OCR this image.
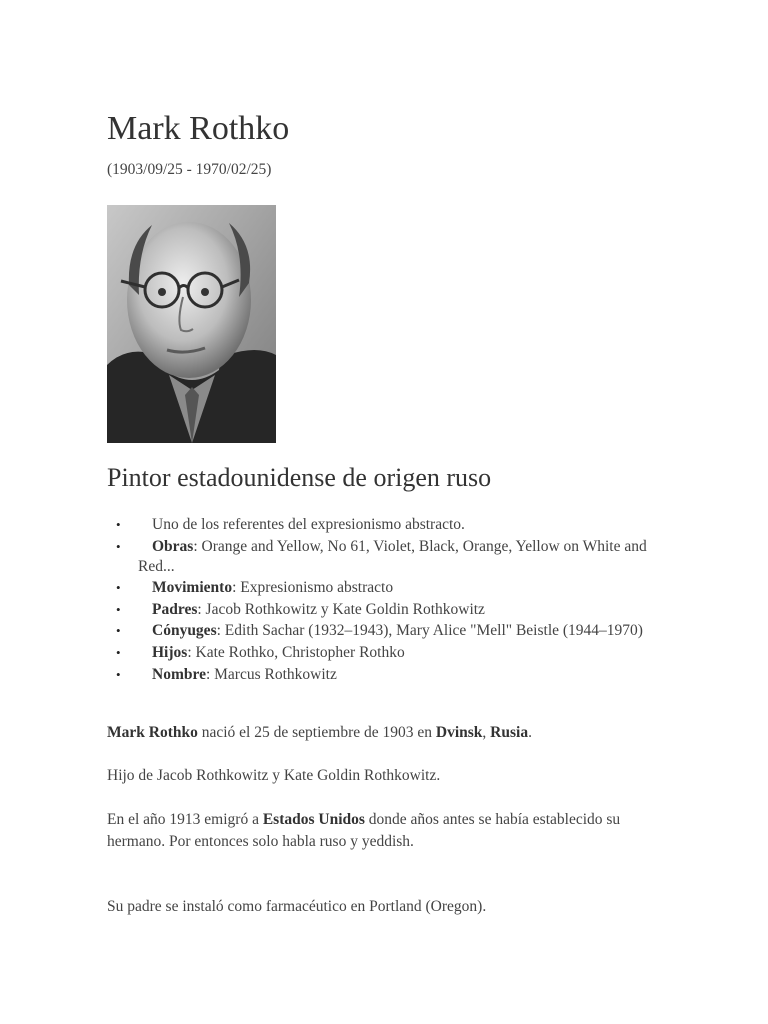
Mark Rothko
(1903/09/25 - 1970/02/25)
Pintor estadounidense de origen ruso
• Uno de los referentes del expresionismo abstracto.
• Obras: Orange and Yellow, No 61, Violet, Black, Orange, Yellow on White and Red...
• Movimiento: Expresionismo abstracto
• Padres: Jacob Rothkowitz y Kate Goldin Rothkowitz
• Cónyuges: Edith Sachar (1932–1943), Mary Alice "Mell" Beistle (1944–1970)
• Hijos: Kate Rothko, Christopher Rothko
• Nombre: Marcus Rothkowitz

Mark Rothko nació el 25 de septiembre de 1903 en Dvinsk, Rusia.

Hijo de Jacob Rothkowitz y Kate Goldin Rothkowitz.

En el año 1913 emigró a Estados Unidos donde años antes se había establecido su hermano. Por entonces solo habla ruso y yeddish.

Su padre se instaló como farmacéutico en Portland (Oregon).
